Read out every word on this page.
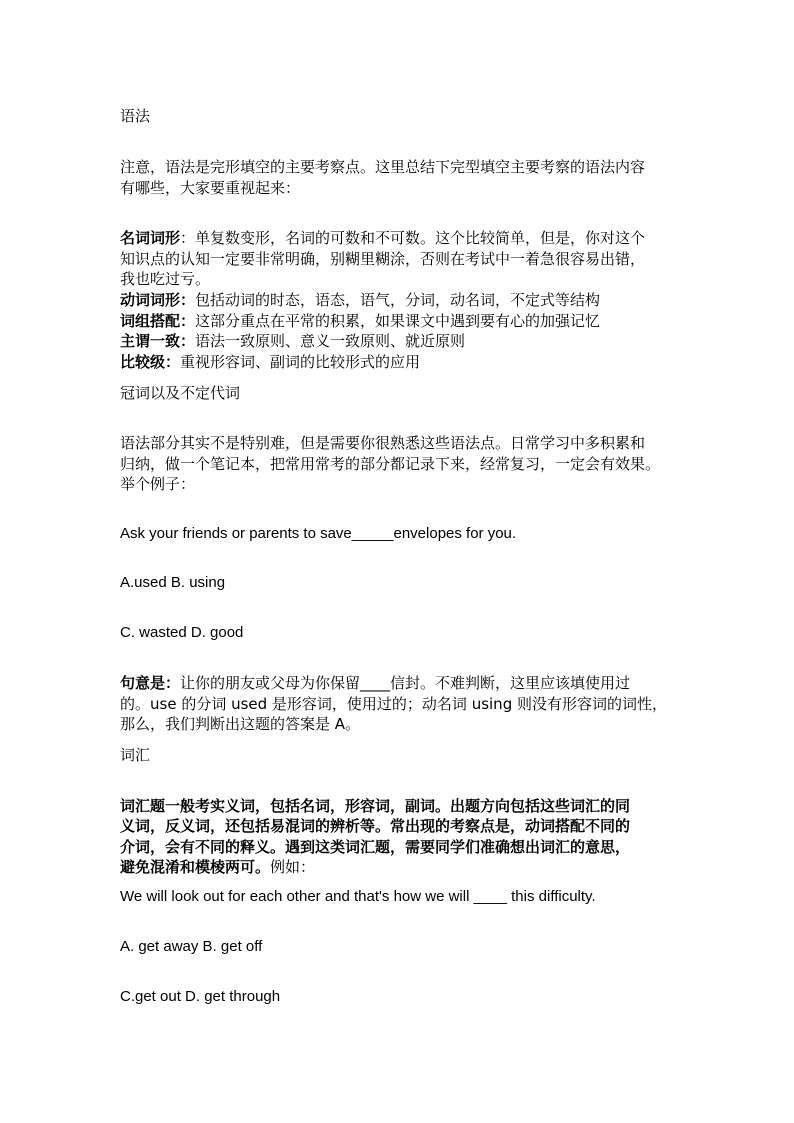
语法
注意，语法是完形填空的主要考察点。这里总结下完型填空主要考察的语法内容
有哪些，大家要重视起来：
名词词形：单复数变形，名词的可数和不可数。这个比较简单，但是，你对这个
知识点的认知一定要非常明确，别糊里糊涂，否则在考试中一着急很容易出错，
我也吃过亏。
动词词形：包括动词的时态，语态，语气，分词，动名词，不定式等结构
词组搭配：这部分重点在平常的积累，如果课文中遇到要有心的加强记忆
主谓一致：语法一致原则、意义一致原则、就近原则
比较级：重视形容词、副词的比较形式的应用
冠词以及不定代词
语法部分其实不是特别难，但是需要你很熟悉这些语法点。日常学习中多积累和
归纳，做一个笔记本，把常用常考的部分都记录下来，经常复习，一定会有效果。
举个例子：
Ask your friends or parents to save_____envelopes for you.
A.used B. using
C. wasted D. good
句意是：让你的朋友或父母为你保留____信封。不难判断，这里应该填使用过
的。use 的分词 used 是形容词，使用过的；动名词 using 则没有形容词的词性，
那么，我们判断出这题的答案是 A。
词汇
词汇题一般考实义词，包括名词，形容词，副词。出题方向包括这些词汇的同
义词，反义词，还包括易混词的辨析等。常出现的考察点是，动词搭配不同的
介词，会有不同的释义。遇到这类词汇题，需要同学们准确想出词汇的意思，
避免混淆和模棱两可。例如：
We will look out for each other and that's how we will ____ this difficulty.
A. get away B. get off
C.get out D. get through
